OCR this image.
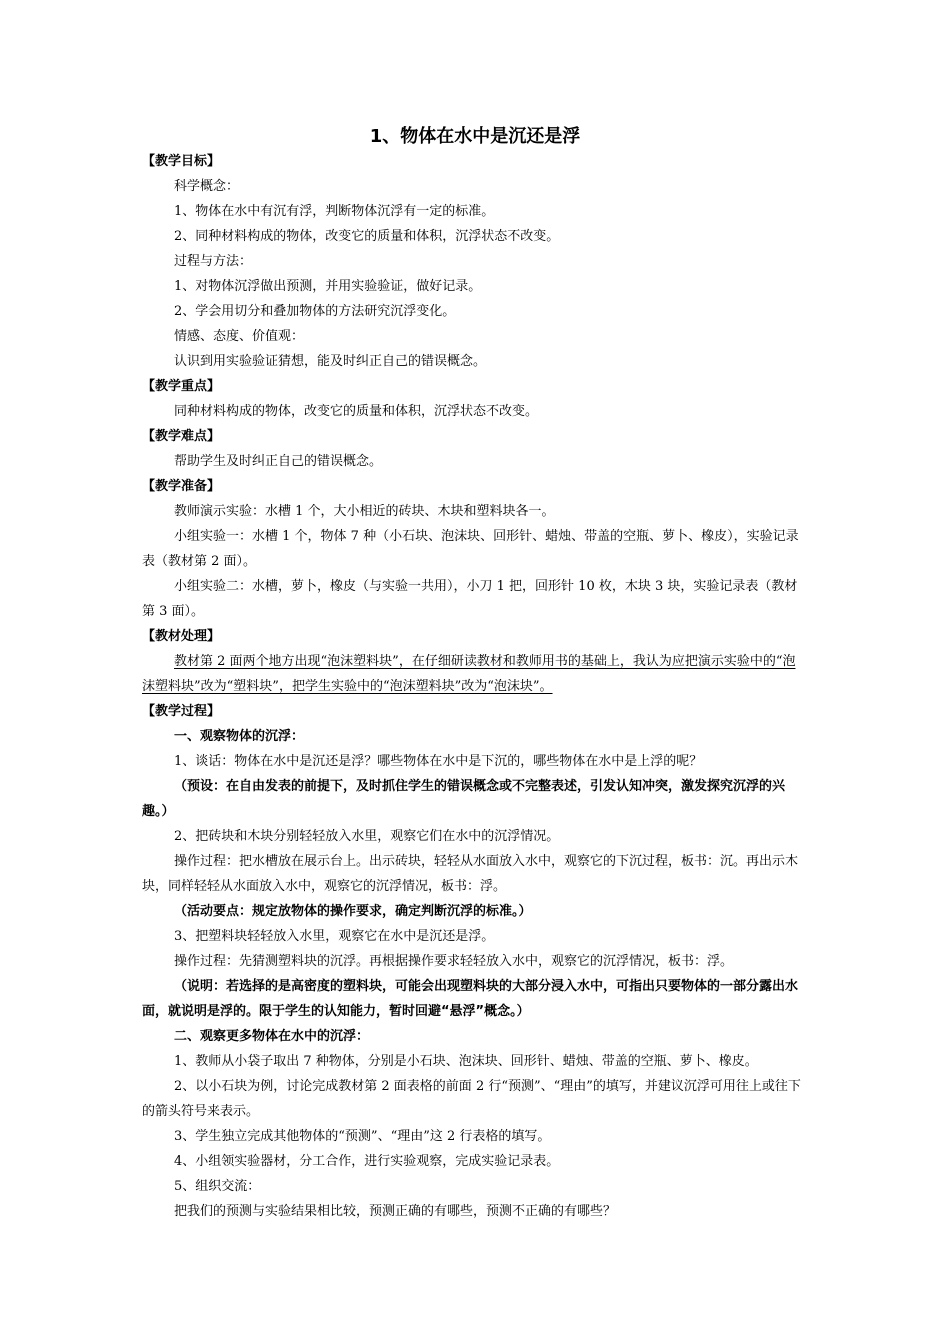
1、物体在水中是沉还是浮

【教学目标】

科学概念：

1、物体在水中有沉有浮，判断物体沉浮有一定的标准。

2、同种材料构成的物体，改变它的质量和体积，沉浮状态不改变。

过程与方法：

1、对物体沉浮做出预测，并用实验验证，做好记录。

2、学会用切分和叠加物体的方法研究沉浮变化。

情感、态度、价值观：

认识到用实验验证猜想，能及时纠正自己的错误概念。

【教学重点】

同种材料构成的物体，改变它的质量和体积，沉浮状态不改变。

【教学难点】

帮助学生及时纠正自己的错误概念。

【教学准备】

教师演示实验：水槽 1 个，大小相近的砖块、木块和塑料块各一。

小组实验一：水槽 1 个，物体 7 种（小石块、泡沫块、回形针、蜡烛、带盖的空瓶、萝卜、橡皮），实验记录表（教材第 2 面）。

小组实验二：水槽，萝卜，橡皮（与实验一共用），小刀 1 把，回形针 10 枚，木块 3 块，实验记录表（教材第 3 面）。

【教材处理】

教材第 2 面两个地方出现“泡沫塑料块”，在仔细研读教材和教师用书的基础上，我认为应把演示实验中的“泡沫塑料块”改为“塑料块”，把学生实验中的“泡沫塑料块”改为“泡沫块”。

【教学过程】

一、观察物体的沉浮：

1、谈话：物体在水中是沉还是浮？哪些物体在水中是下沉的，哪些物体在水中是上浮的呢？

（预设：在自由发表的前提下，及时抓住学生的错误概念或不完整表述，引发认知冲突，激发探究沉浮的兴趣。）

2、把砖块和木块分别轻轻放入水里，观察它们在水中的沉浮情况。

操作过程：把水槽放在展示台上。出示砖块，轻轻从水面放入水中，观察它的下沉过程，板书：沉。再出示木块，同样轻轻从水面放入水中，观察它的沉浮情况，板书：浮。

（活动要点：规定放物体的操作要求，确定判断沉浮的标准。）

3、把塑料块轻轻放入水里，观察它在水中是沉还是浮。

操作过程：先猜测塑料块的沉浮。再根据操作要求轻轻放入水中，观察它的沉浮情况，板书：浮。

（说明：若选择的是高密度的塑料块，可能会出现塑料块的大部分浸入水中，可指出只要物体的一部分露出水面，就说明是浮的。限于学生的认知能力，暂时回避“悬浮”概念。）

二、观察更多物体在水中的沉浮：

1、教师从小袋子取出 7 种物体，分别是小石块、泡沫块、回形针、蜡烛、带盖的空瓶、萝卜、橡皮。

2、以小石块为例，讨论完成教材第 2 面表格的前面 2 行“预测”、“理由”的填写，并建议沉浮可用往上或往下的箭头符号来表示。

3、学生独立完成其他物体的“预测”、“理由”这 2 行表格的填写。

4、小组领实验器材，分工合作，进行实验观察，完成实验记录表。

5、组织交流：

把我们的预测与实验结果相比较，预测正确的有哪些，预测不正确的有哪些？
